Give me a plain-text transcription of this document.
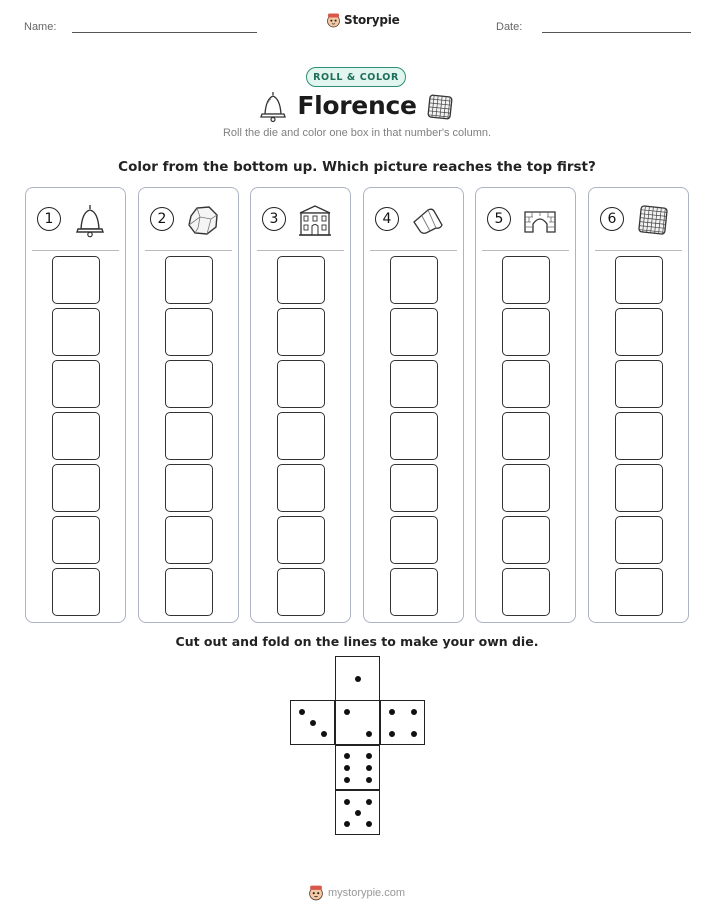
Name:	Storypie	Date:
ROLL & COLOR
Florence
Roll the die and color one box in that number's column.
Color from the bottom up. Which picture reaches the top first?
1	2	3	4	5	6
Cut out and fold on the lines to make your own die.
mystorypie.com
